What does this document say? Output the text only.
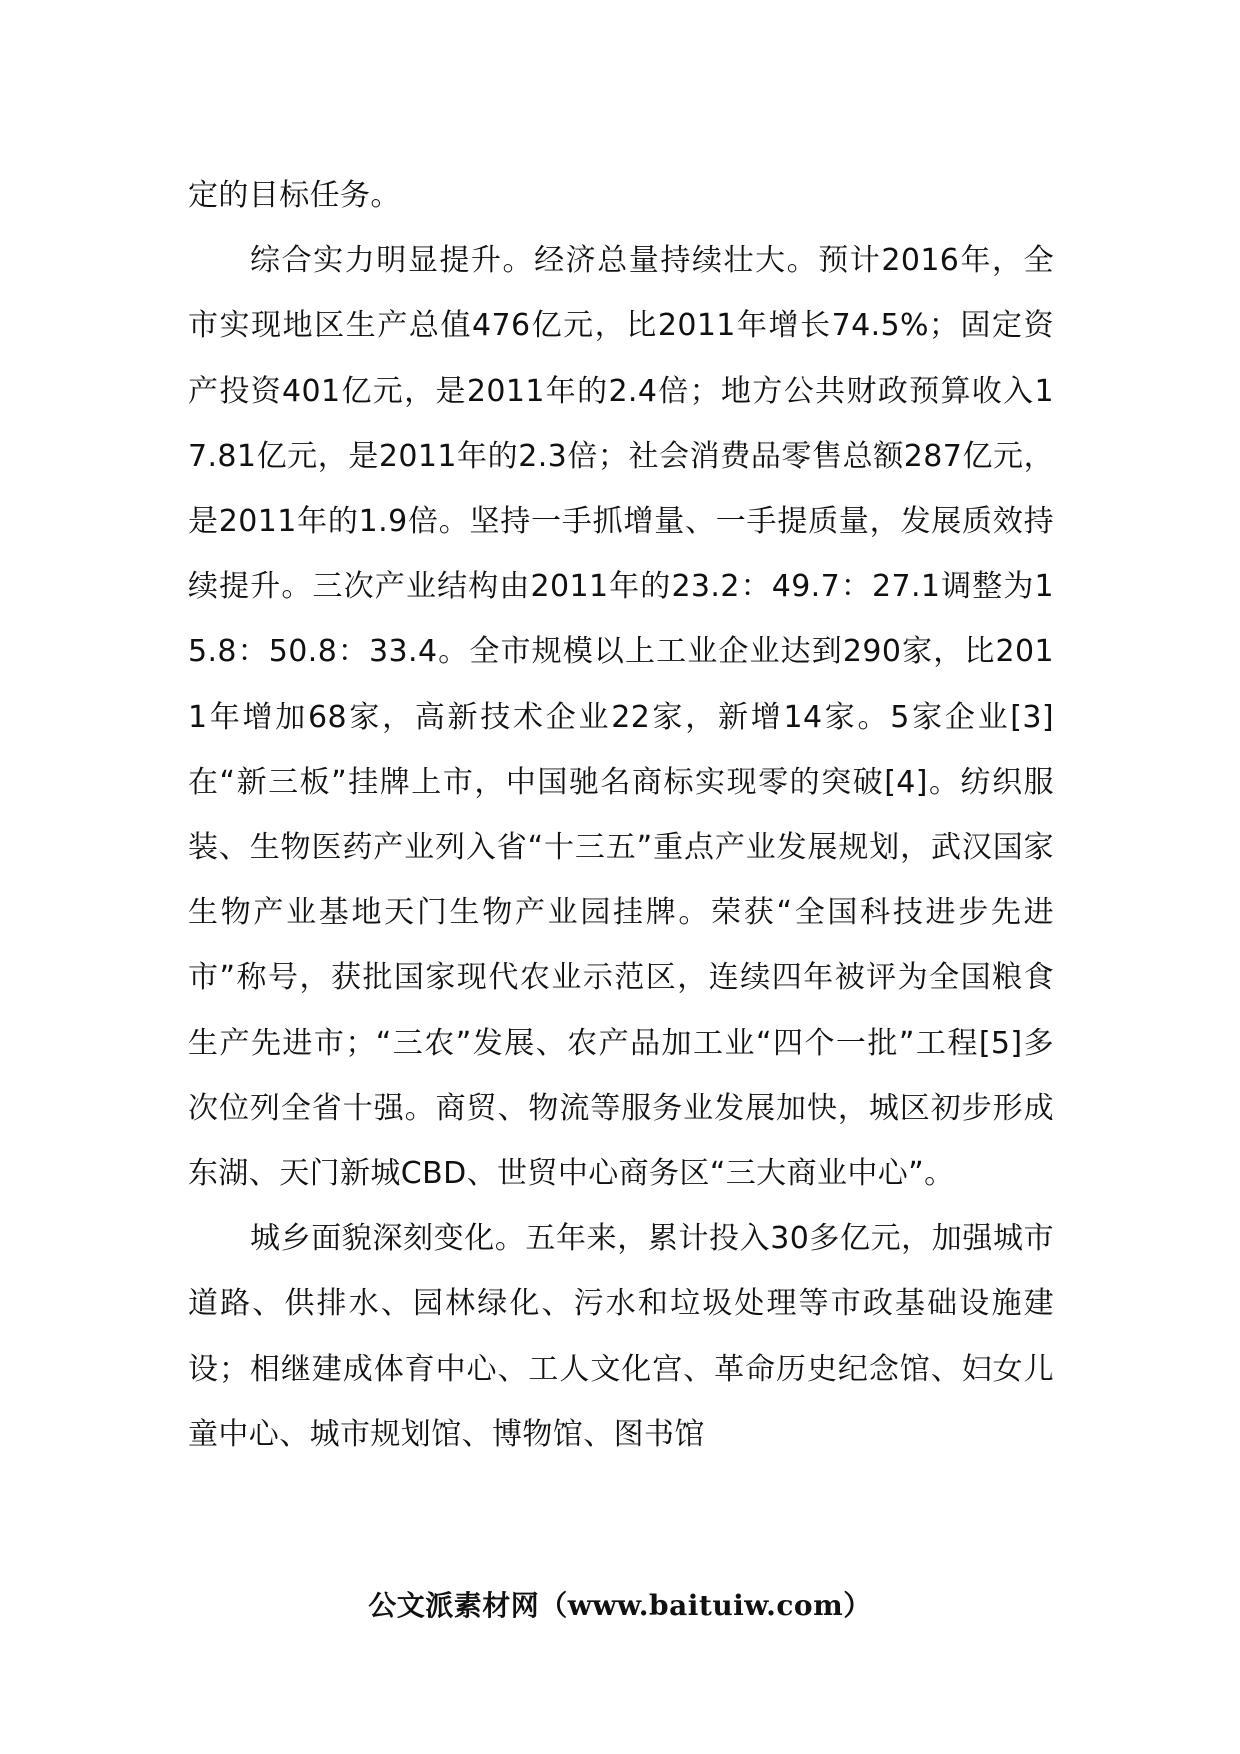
定的目标任务。

综合实力明显提升。经济总量持续壮大。预计2016年，全市实现地区生产总值476亿元，比2011年增长74.5%；固定资产投资401亿元，是2011年的2.4倍；地方公共财政预算收入17.81亿元，是2011年的2.3倍；社会消费品零售总额287亿元，是2011年的1.9倍。坚持一手抓增量、一手提质量，发展质效持续提升。三次产业结构由2011年的23.2：49.7：27.1调整为15.8：50.8：33.4。全市规模以上工业企业达到290家，比2011年增加68家，高新技术企业22家，新增14家。5家企业[3]在“新三板”挂牌上市，中国驰名商标实现零的突破[4]。纺织服装、生物医药产业列入省“十三五”重点产业发展规划，武汉国家生物产业基地天门生物产业园挂牌。荣获“全国科技进步先进市”称号，获批国家现代农业示范区，连续四年被评为全国粮食生产先进市；“三农”发展、农产品加工业“四个一批”工程[5]多次位列全省十强。商贸、物流等服务业发展加快，城区初步形成东湖、天门新城CBD、世贸中心商务区“三大商业中心”。

城乡面貌深刻变化。五年来，累计投入30多亿元，加强城市道路、供排水、园林绿化、污水和垃圾处理等市政基础设施建设；相继建成体育中心、工人文化宫、革命历史纪念馆、妇女儿童中心、城市规划馆、博物馆、图书馆

公文派素材网（www.baituiw.com）
